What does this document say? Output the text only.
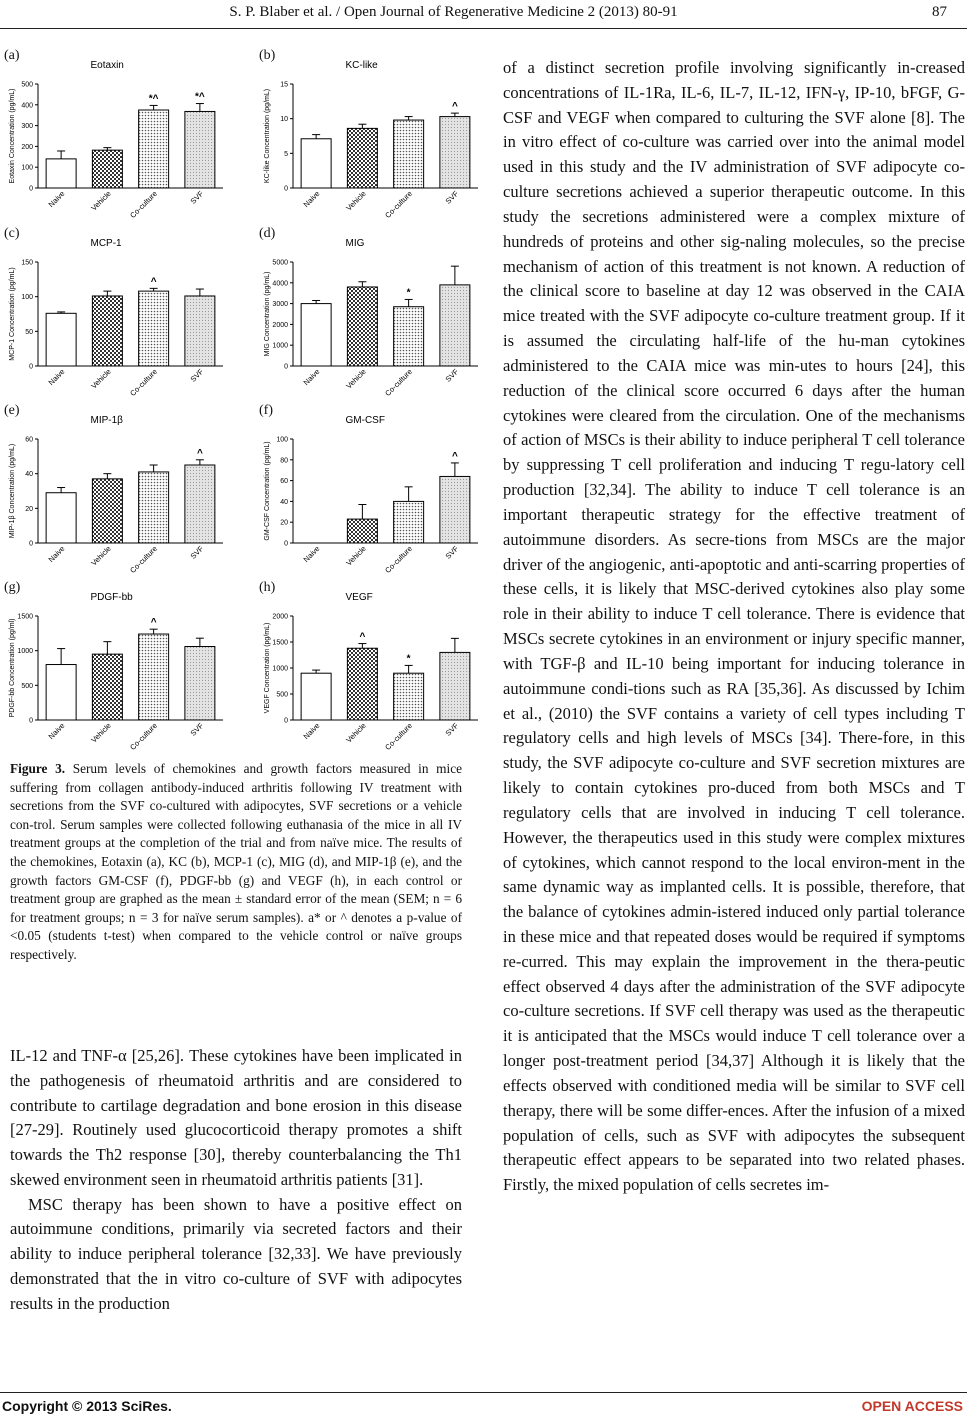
S. P. Blaber et al. / Open Journal of Regenerative Medicine 2 (2013) 80-91	87
(a)
Eotaxin
Eotaxin Concentration (pg/mL)
0
100
200
300
400
500
Naive	Vehicle
*^
Co-culture
*^
SVF
(b)
KC-like
KC-like Concentration (pg/mL)
0
5
10
15
Naive	Vehicle Co-culture
^
SVF
(c)
MCP-1
MCP-1 Concentration (pg/mL)
0
50
100
150
Naive	Vehicle
^
Co-culture	SVF
(d)
MIG
MIG Concentration (pg/mL)
0
1000
2000
3000
4000
5000
Naive	Vehicle
*
Co-culture	SVF
(e)
MIP-1β
MIP-1β Concentration (pg/mL)
0
20
40
60
Naive	Vehicle Co-culture
^
SVF
(f)
GM-CSF
GM-CSF Concentration (pg/mL)
0
20
40
60
80
100
Naive	Vehicle Co-culture
^
SVF
(g)
PDGF-bb
PDGF-bb Concentration (pg/ml)
0
500
1000
1500
Naive	Vehicle
^
Co-culture	SVF
(h)
VEGF
VEGF Concentration (pg/mL)
0
500
1000
1500
2000
Naive
^
Vehicle
*
Co-culture	SVF
Figure 3. Serum levels of chemokines and growth factors measured in mice suffering from collagen antibody-induced arthritis following IV treatment with secretions from the SVF co-cultured with adipocytes, SVF secretions or a vehicle con-trol. Serum samples were collected following euthanasia of the mice in all IV treatment groups at the completion of the trial and from naïve mice. The results of the chemokines, Eotaxin (a), KC (b), MCP-1 (c), MIG (d), and MIP-1β (e), and the growth factors GM-CSF (f), PDGF-bb (g) and VEGF (h), in each control or treatment group are graphed as the mean ± standard error of the mean (SEM; n = 6 for treatment groups; n = 3 for naïve serum samples). a* or ^ denotes a p-value of <0.05 (students t-test) when compared to the vehicle control or naïve groups respectively.

IL-12 and TNF-α [25,26]. These cytokines have been implicated in the pathogenesis of rheumatoid arthritis and are considered to contribute to cartilage degradation and bone erosion in this disease [27-29]. Routinely used glucocorticoid therapy promotes a shift towards the Th2 response [30], thereby counterbalancing the Th1 skewed environment seen in rheumatoid arthritis patients [31].

MSC therapy has been shown to have a positive effect on autoimmune conditions, primarily via secreted factors and their ability to induce peripheral tolerance [32,33]. We have previously demonstrated that the in vitro co-culture of SVF with adipocytes results in the production

of a distinct secretion profile involving significantly in-creased concentrations of IL-1Ra, IL-6, IL-7, IL-12, IFN-γ, IP-10, bFGF, G-CSF and VEGF when compared to culturing the SVF alone [8]. The in vitro effect of co-culture was carried over into the animal model used in this study and the IV administration of SVF adipocyte co-culture secretions achieved a superior therapeutic outcome. In this study the secretions administered were a complex mixture of hundreds of proteins and other sig-naling molecules, so the precise mechanism of action of this treatment is not known. A reduction of the clinical score to baseline at day 12 was observed in the CAIA mice treated with the SVF adipocyte co-culture treatment group. If it is assumed the circulating half-life of the hu-man cytokines administered to the CAIA mice was min-utes to hours [24], this reduction of the clinical score occurred 6 days after the human cytokines were cleared from the circulation. One of the mechanisms of action of MSCs is their ability to induce peripheral T cell tolerance by suppressing T cell proliferation and inducing T regu-latory cell production [32,34]. The ability to induce T cell tolerance is an important therapeutic strategy for the effective treatment of autoimmune disorders. As secre-tions from MSCs are the major driver of the angiogenic, anti-apoptotic and anti-scarring properties of these cells, it is likely that MSC-derived cytokines also play some role in their ability to induce T cell tolerance. There is evidence that MSCs secrete cytokines in an environment or injury specific manner, with TGF-β and IL-10 being important for inducing tolerance in autoimmune condi-tions such as RA [35,36]. As discussed by Ichim et al., (2010) the SVF contains a variety of cell types including T regulatory cells and high levels of MSCs [34]. There-fore, in this study, the SVF adipocyte co-culture and SVF secretion mixtures are likely to contain cytokines pro-duced from both MSCs and T regulatory cells that are involved in inducing T cell tolerance. However, the therapeutics used in this study were complex mixtures of cytokines, which cannot respond to the local environ-ment in the same dynamic way as implanted cells. It is possible, therefore, that the balance of cytokines admin-istered induced only partial tolerance in these mice and that repeated doses would be required if symptoms re-curred. This may explain the improvement in the thera-peutic effect observed 4 days after the administration of the SVF adipocyte co-culture secretions. If SVF cell therapy was used as the therapeutic it is anticipated that the MSCs would induce T cell tolerance over a longer post-treatment period [34,37] Although it is likely that the effects observed with conditioned media will be similar to SVF cell therapy, there will be some differ-ences. After the infusion of a mixed population of cells, such as SVF with adipocytes the subsequent therapeutic effect appears to be separated into two related phases. Firstly, the mixed population of cells secretes im-

Copyright © 2013 SciRes.	OPEN ACCESS
